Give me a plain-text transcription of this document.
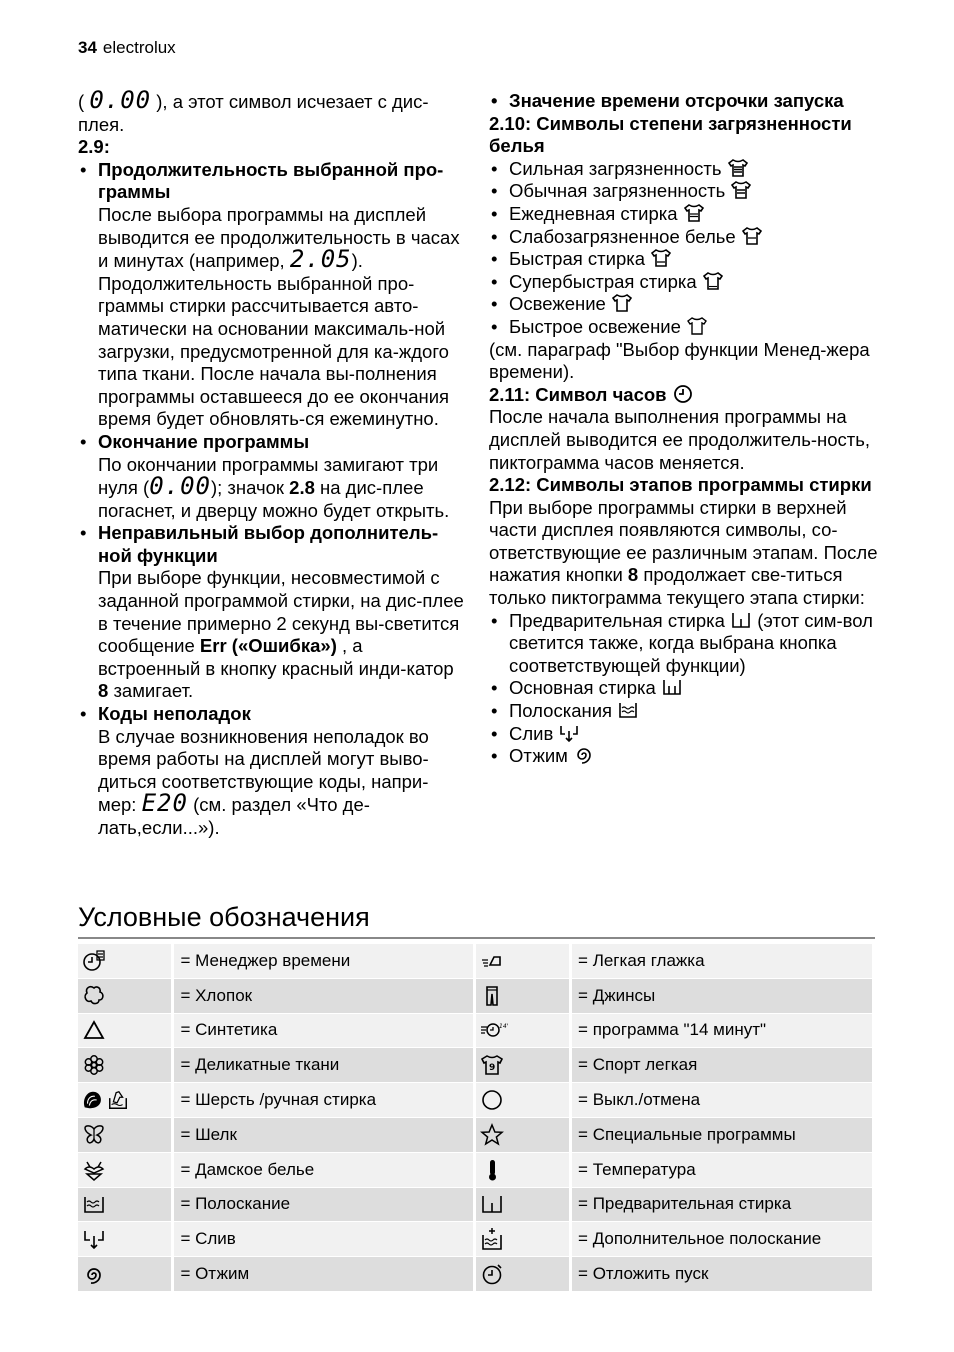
34 electrolux

( 0.00 ), а этот символ исчезает с дис-плея.

2.9:

• Продолжительность выбранной про-граммы
После выбора программы на дисплей выводится ее продолжительность в часах и минутах (например, 2.05). Продолжительность выбранной про-граммы стирки рассчитывается авто-матически на основании максималь-ной загрузки, предусмотренной для ка-ждого типа ткани. После начала вы-полнения программы оставшееся до ее окончания время будет обновлять-ся ежеминутно.
• Окончание программы
По окончании программы замигают три нуля (0.00); значок 2.8 на дис-плее погаснет, и дверцу можно будет открыть.
• Неправильный выбор дополнитель-ной функции
При выборе функции, несовместимой с заданной программой стирки, на дис-плее в течение примерно 2 секунд вы-светится сообщение Err («Ошибка») , а встроенный в кнопку красный инди-катор 8 замигает.
• Коды неполадок
В случае возникновения неполадок во время работы на дисплей могут выво-диться соответствующие коды, напри-мер: E20 (см. раздел «Что де-лать,если...»).
• Значение времени отсрочки запуска

2.10: Символы степени загрязненности белья

• Сильная загрязненность
• Обычная загрязненность
• Ежедневная стирка
• Слабозагрязненное белье
• Быстрая стирка
• Супербыстрая стирка
• Освежение
• Быстрое освежение

(см. параграф "Выбор функции Менед-жера времени).

2.11: Символ часов

После начала выполнения программы на дисплей выводится ее продолжитель-ность, пиктограмма часов меняется.

2.12: Символы этапов программы стирки

При выборе программы стирки в верхней части дисплея появляются символы, со-ответствующие ее различным этапам. После нажатия кнопки 8 продолжает све-титься только пиктограмма текущего этапа стирки:

• Предварительная стирка (этот сим-вол светится также, когда выбрана кнопка соответствующей функции)
• Основная стирка
• Полоскания
• Слив
• Отжим
Условные обозначения
	= Менеджер времени		= Легкая глажка
	= Хлопок		= Джинсы
	= Синтетика	14'	= программа "14 минут"
	= Деликатные ткани	9	= Спорт легкая
	= Шерсть /ручная стирка		= Выкл./отмена
	= Шелк		= Специальные программы
	= Дамское белье		= Температура
	= Полоскание		= Предварительная стирка
	= Слив		= Дополнительное полоскание
	= Отжим		= Отложить пуск
